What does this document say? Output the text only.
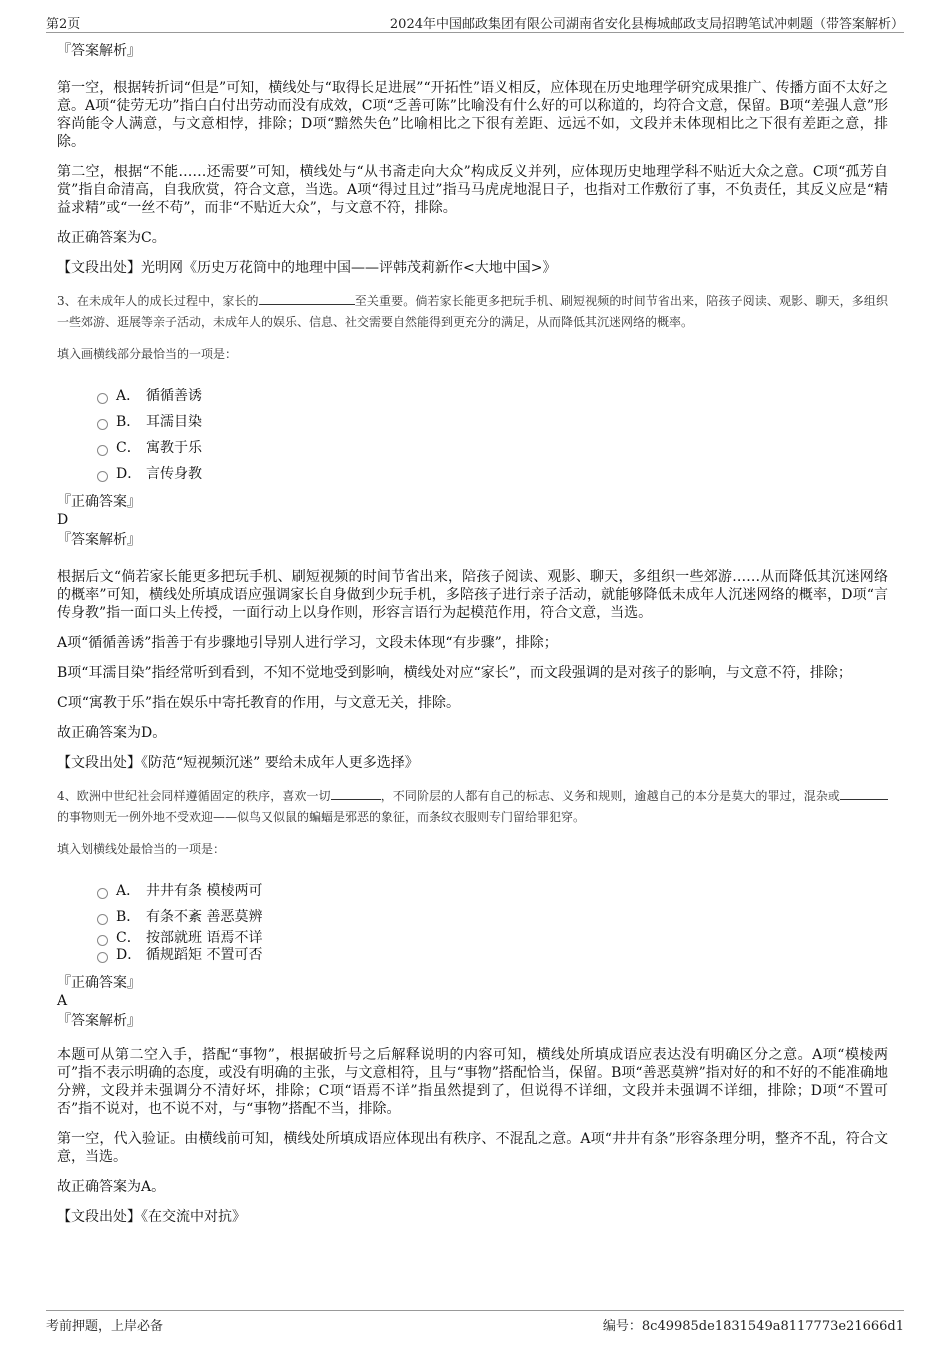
第2页	2024年中国邮政集团有限公司湖南省安化县梅城邮政支局招聘笔试冲刺题（带答案解析）
『答案解析』

第一空，根据转折词“但是”可知，横线处与“取得长足进展”“开拓性”语义相反，应体现在历史地理学研究成果推广、传播方面不太好之意。A项“徒劳无功”指白白付出劳动而没有成效，C项“乏善可陈”比喻没有什么好的可以称道的，均符合文意，保留。B项“差强人意”形容尚能令人满意，与文意相悖，排除；D项“黯然失色”比喻相比之下很有差距、远远不如，文段并未体现相比之下很有差距之意，排除。

第二空，根据“不能……还需要”可知，横线处与“从书斋走向大众”构成反义并列，应体现历史地理学科不贴近大众之意。C项“孤芳自赏”指自命清高，自我欣赏，符合文意，当选。A项“得过且过”指马马虎虎地混日子，也指对工作敷衍了事，不负责任，其反义应是“精益求精”或“一丝不苟”，而非“不贴近大众”，与文意不符，排除。

故正确答案为C。

【文段出处】光明网《历史万花筒中的地理中国——评韩茂莉新作<大地中国>》

3、在未成年人的成长过程中，家长的	至关重要。倘若家长能更多把玩手机、刷短视频的时间节省出来，陪孩子阅读、观影、聊天，多组织一些郊游、逛展等亲子活动，未成年人的娱乐、信息、社交需要自然能得到更充分的满足，从而降低其沉迷网络的概率。

填入画横线部分最恰当的一项是：

A． 循循善诱
B． 耳濡目染
C． 寓教于乐
D． 言传身教
『正确答案』
D
『答案解析』

根据后文“倘若家长能更多把玩手机、刷短视频的时间节省出来，陪孩子阅读、观影、聊天，多组织一些郊游……从而降低其沉迷网络的概率”可知，横线处所填成语应强调家长自身做到少玩手机，多陪孩子进行亲子活动，就能够降低未成年人沉迷网络的概率，D项“言传身教”指一面口头上传授，一面行动上以身作则，形容言语行为起模范作用，符合文意，当选。

A项“循循善诱”指善于有步骤地引导别人进行学习，文段未体现“有步骤”，排除；

B项“耳濡目染”指经常听到看到，不知不觉地受到影响，横线处对应“家长”，而文段强调的是对孩子的影响，与文意不符，排除；

C项“寓教于乐”指在娱乐中寄托教育的作用，与文意无关，排除。

故正确答案为D。

【文段出处】《防范“短视频沉迷” 要给未成年人更多选择》

4、欧洲中世纪社会同样遵循固定的秩序，喜欢一切	，不同阶层的人都有自己的标志、义务和规则，逾越自己的本分是莫大的罪过，混杂或的事物则无一例外地不受欢迎——似鸟又似鼠的蝙蝠是邪恶的象征，而条纹衣服则专门留给罪犯穿。

填入划横线处最恰当的一项是：

A． 井井有条 模棱两可
B． 有条不紊 善恶莫辨
C． 按部就班 语焉不详
D． 循规蹈矩 不置可否
『正确答案』
A
『答案解析』

本题可从第二空入手，搭配“事物”，根据破折号之后解释说明的内容可知，横线处所填成语应表达没有明确区分之意。A项“模棱两可”指不表示明确的态度，或没有明确的主张，与文意相符，且与“事物”搭配恰当，保留。B项“善恶莫辨”指对好的和不好的不能准确地分辨，文段并未强调分不清好坏，排除；C项“语焉不详”指虽然提到了，但说得不详细，文段并未强调不详细，排除；D项“不置可否”指不说对，也不说不对，与“事物”搭配不当，排除。

第一空，代入验证。由横线前可知，横线处所填成语应体现出有秩序、不混乱之意。A项“井井有条”形容条理分明，整齐不乱，符合文意，当选。

故正确答案为A。

【文段出处】《在交流中对抗》

考前押题，上岸必备	编号：8c49985de1831549a8117773e21666d1
